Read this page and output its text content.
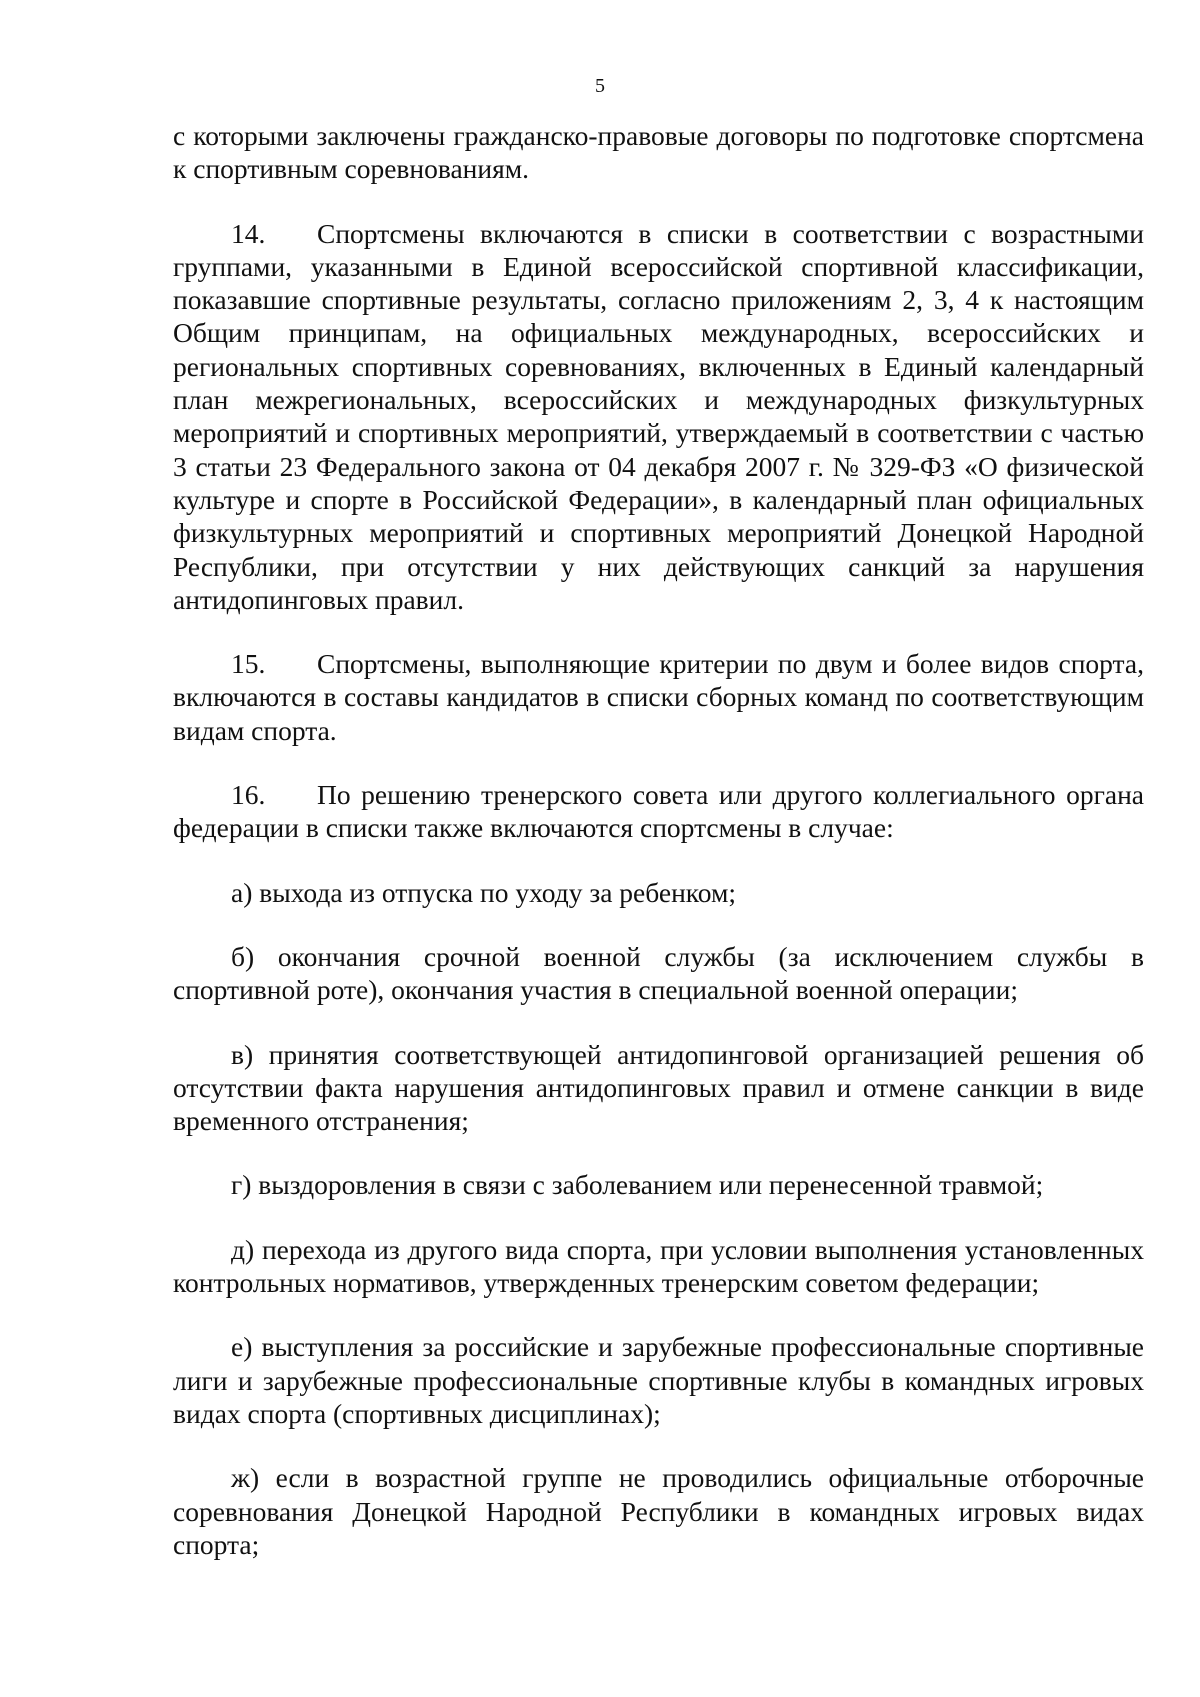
5

с которыми заключены гражданско-правовые договоры по подготовке спортсмена к спортивным соревнованиям.

14. Спортсмены включаются в списки в соответствии с возрастными группами, указанными в Единой всероссийской спортивной классификации, показавшие спортивные результаты, согласно приложениям 2, 3, 4 к настоящим Общим принципам, на официальных международных, всероссийских и региональных спортивных соревнованиях, включенных в Единый календарный план межрегиональных, всероссийских и международных физкультурных мероприятий и спортивных мероприятий, утверждаемый в соответствии с частью 3 статьи 23 Федерального закона от 04 декабря 2007 г. № 329-ФЗ «О физической культуре и спорте в Российской Федерации», в календарный план официальных физкультурных мероприятий и спортивных мероприятий Донецкой Народной Республики, при отсутствии у них действующих санкций за нарушения антидопинговых правил.

15. Спортсмены, выполняющие критерии по двум и более видов спорта, включаются в составы кандидатов в списки сборных команд по соответствующим видам спорта.

16. По решению тренерского совета или другого коллегиального органа федерации в списки также включаются спортсмены в случае:

а) выхода из отпуска по уходу за ребенком;

б) окончания срочной военной службы (за исключением службы в спортивной роте), окончания участия в специальной военной операции;

в) принятия соответствующей антидопинговой организацией решения об отсутствии факта нарушения антидопинговых правил и отмене санкции в виде временного отстранения;

г) выздоровления в связи с заболеванием или перенесенной травмой;

д) перехода из другого вида спорта, при условии выполнения установленных контрольных нормативов, утвержденных тренерским советом федерации;

е) выступления за российские и зарубежные профессиональные спортивные лиги и зарубежные профессиональные спортивные клубы в командных игровых видах спорта (спортивных дисциплинах);

ж) если в возрастной группе не проводились официальные отборочные соревнования Донецкой Народной Республики в командных игровых видах спорта;
